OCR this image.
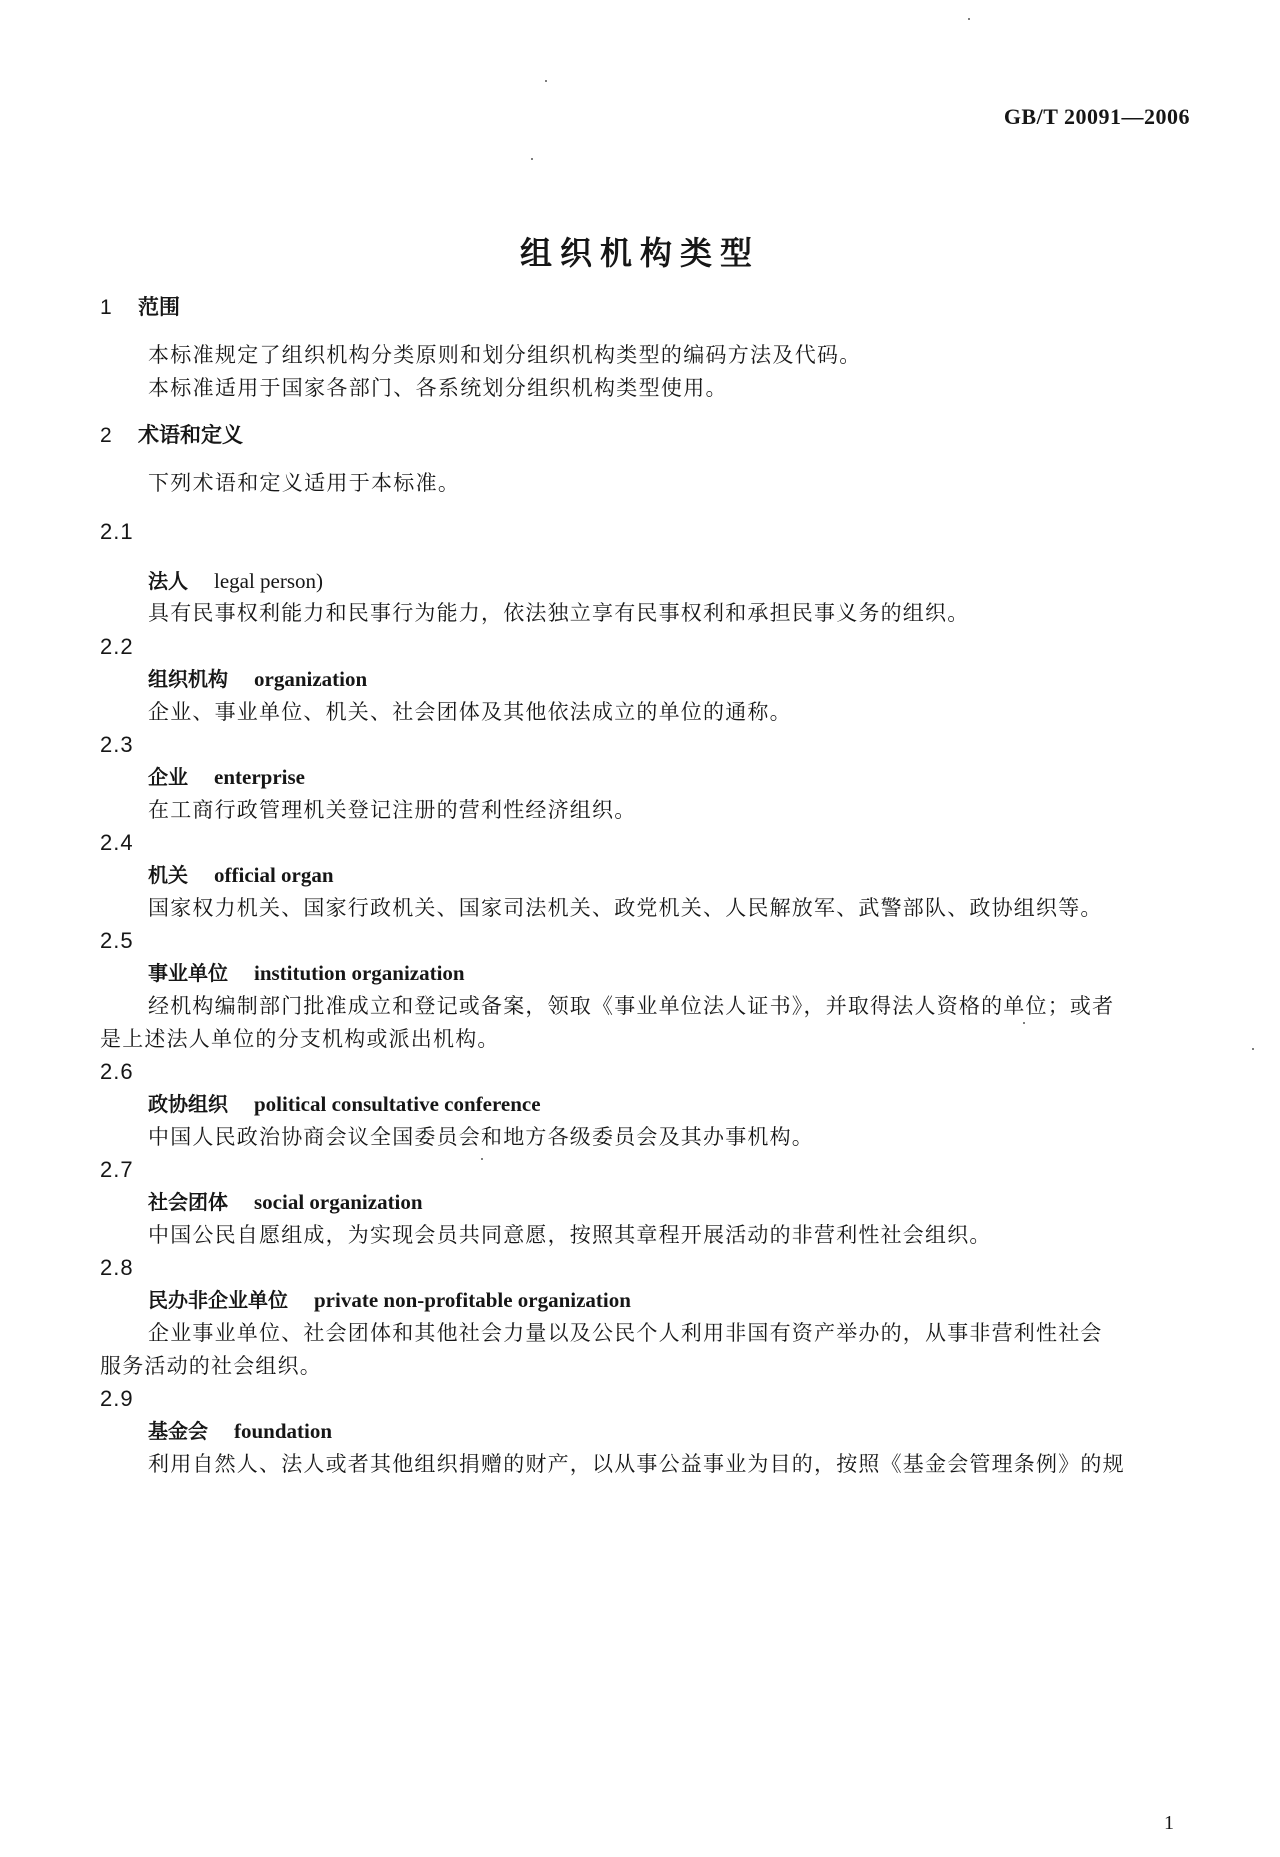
GB/T 20091—2006
组织机构类型
1 范围
本标准规定了组织机构分类原则和划分组织机构类型的编码方法及代码。
本标准适用于国家各部门、各系统划分组织机构类型使用。
2 术语和定义
下列术语和定义适用于本标准。
2.1
法人 legal person)
具有民事权利能力和民事行为能力，依法独立享有民事权利和承担民事义务的组织。
2.2
组织机构 organization
企业、事业单位、机关、社会团体及其他依法成立的单位的通称。
2.3
企业 enterprise
在工商行政管理机关登记注册的营利性经济组织。
2.4
机关 official organ
国家权力机关、国家行政机关、国家司法机关、政党机关、人民解放军、武警部队、政协组织等。
2.5
事业单位 institution organization
经机构编制部门批准成立和登记或备案，领取《事业单位法人证书》，并取得法人资格的单位；或者
是上述法人单位的分支机构或派出机构。
2.6
政协组织 political consultative conference
中国人民政治协商会议全国委员会和地方各级委员会及其办事机构。
2.7
社会团体 social organization
中国公民自愿组成，为实现会员共同意愿，按照其章程开展活动的非营利性社会组织。
2.8
民办非企业单位 private non-profitable organization
企业事业单位、社会团体和其他社会力量以及公民个人利用非国有资产举办的，从事非营利性社会
服务活动的社会组织。
2.9
基金会 foundation
利用自然人、法人或者其他组织捐赠的财产，以从事公益事业为目的，按照《基金会管理条例》的规
1
